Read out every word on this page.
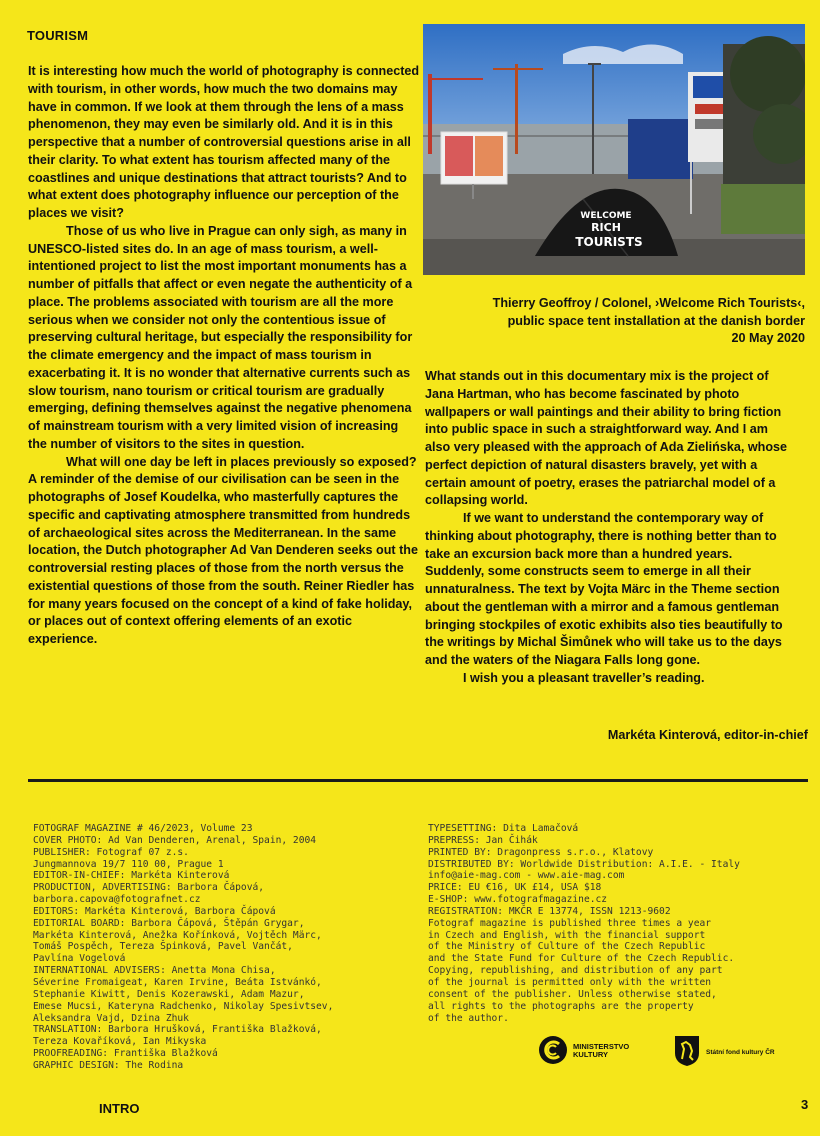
TOURISM

It is interesting how much the world of photography is connected with tourism, in other words, how much the two domains may have in common. If we look at them through the lens of a mass phenomenon, they may even be similarly old. And it is in this perspective that a number of controversial questions arise in all their clarity. To what extent has tourism affected many of the coastlines and unique destinations that attract tourists? And to what extent does photography influence our perception of the places we visit?

Those of us who live in Prague can only sigh, as many in UNESCO-listed sites do. In an age of mass tourism, a well-intentioned project to list the most important monuments has a number of pitfalls that affect or even negate the authenticity of a place. The problems associated with tourism are all the more serious when we consider not only the contentious issue of preserving cultural heritage, but especially the responsibility for the climate emergency and the impact of mass tourism in exacerbating it. It is no wonder that alternative currents such as slow tourism, nano tourism or critical tourism are gradually emerging, defining themselves against the negative phenomena of mainstream tourism with a very limited vision of increasing the number of visitors to the sites in question.

What will one day be left in places previously so exposed? A reminder of the demise of our civilisation can be seen in the photographs of Josef Koudelka, who masterfully captures the specific and captivating atmosphere transmitted from hundreds of archaeological sites across the Mediterranean. In the same location, the Dutch photographer Ad Van Denderen seeks out the controversial resting places of those from the north versus the existential questions of those from the south. Reiner Riedler has for many years focused on the concept of a kind of fake holiday, or places out of context offering elements of an exotic experience.

WELCOME
RICH
TOURISTS
Thierry Geoffroy / Colonel, ›Welcome Rich Tourists‹,
public space tent installation at the danish border
20 May 2020

What stands out in this documentary mix is the project of Jana Hartman, who has become fascinated by photo wallpapers or wall paintings and their ability to bring fiction into public space in such a straightforward way. And I am also very pleased with the approach of Ada Zielińska, whose perfect depiction of natural disasters bravely, yet with a certain amount of poetry, erases the patriarchal model of a collapsing world.

If we want to understand the contemporary way of thinking about photography, there is nothing better than to take an excursion back more than a hundred years. Suddenly, some constructs seem to emerge in all their unnaturalness. The text by Vojta Märc in the Theme section about the gentleman with a mirror and a famous gentleman bringing stockpiles of exotic exhibits also ties beautifully to the writings by Michal Šimůnek who will take us to the days and the waters of the Niagara Falls long gone.

I wish you a pleasant traveller’s reading.

Markéta Kinterová, editor-in-chief
FOTOGRAF MAGAZINE # 46/2023, Volume 23
COVER PHOTO: Ad Van Denderen, Arenal, Spain, 2004
PUBLISHER: Fotograf 07 z.s.
Jungmannova 19/7 110 00, Prague 1
EDITOR-IN-CHIEF: Markéta Kinterová
PRODUCTION, ADVERTISING: Barbora Čápová,
barbora.capova@fotografnet.cz
EDITORS: Markéta Kinterová, Barbora Čápová
EDITORIAL BOARD: Barbora Čápová, Štěpán Grygar,
Markéta Kinterová, Anežka Kořínková, Vojtěch Märc,
Tomáš Pospěch, Tereza Špinková, Pavel Vančát,
Pavlína Vogelová
INTERNATIONAL ADVISERS: Anetta Mona Chisa,
Séverine Fromaigeat, Karen Irvine, Beáta Istvánkó,
Stephanie Kiwitt, Denis Kozerawski, Adam Mazur,
Emese Mucsi, Kateryna Radchenko, Nikolay Spesivtsev,
Aleksandra Vajd, Dzina Zhuk
TRANSLATION: Barbora Hrušková, Františka Blažková,
Tereza Kovaříková, Ian Mikyska
PROOFREADING: Františka Blažková
GRAPHIC DESIGN: The Rodina
TYPESETTING: Dita Lamačová
PREPRESS: Jan Čihák
PRINTED BY: Dragonpress s.r.o., Klatovy
DISTRIBUTED BY: Worldwide Distribution: A.I.E. - Italy
info@aie-mag.com - www.aie-mag.com
PRICE: EU €16, UK £14, USA $18
E-SHOP: www.fotografmagazine.cz
REGISTRATION: MKČR E 13774, ISSN 1213-9602
Fotograf magazine is published three times a year
in Czech and English, with the financial support
of the Ministry of Culture of the Czech Republic
and the State Fund for Culture of the Czech Republic.
Copying, republishing, and distribution of any part
of the journal is permitted only with the written
consent of the publisher. Unless otherwise stated,
all rights to the photographs are the property
of the author.
MINISTERSTVO
KULTURY	Státní fond kultury ČR
INTRO	3
